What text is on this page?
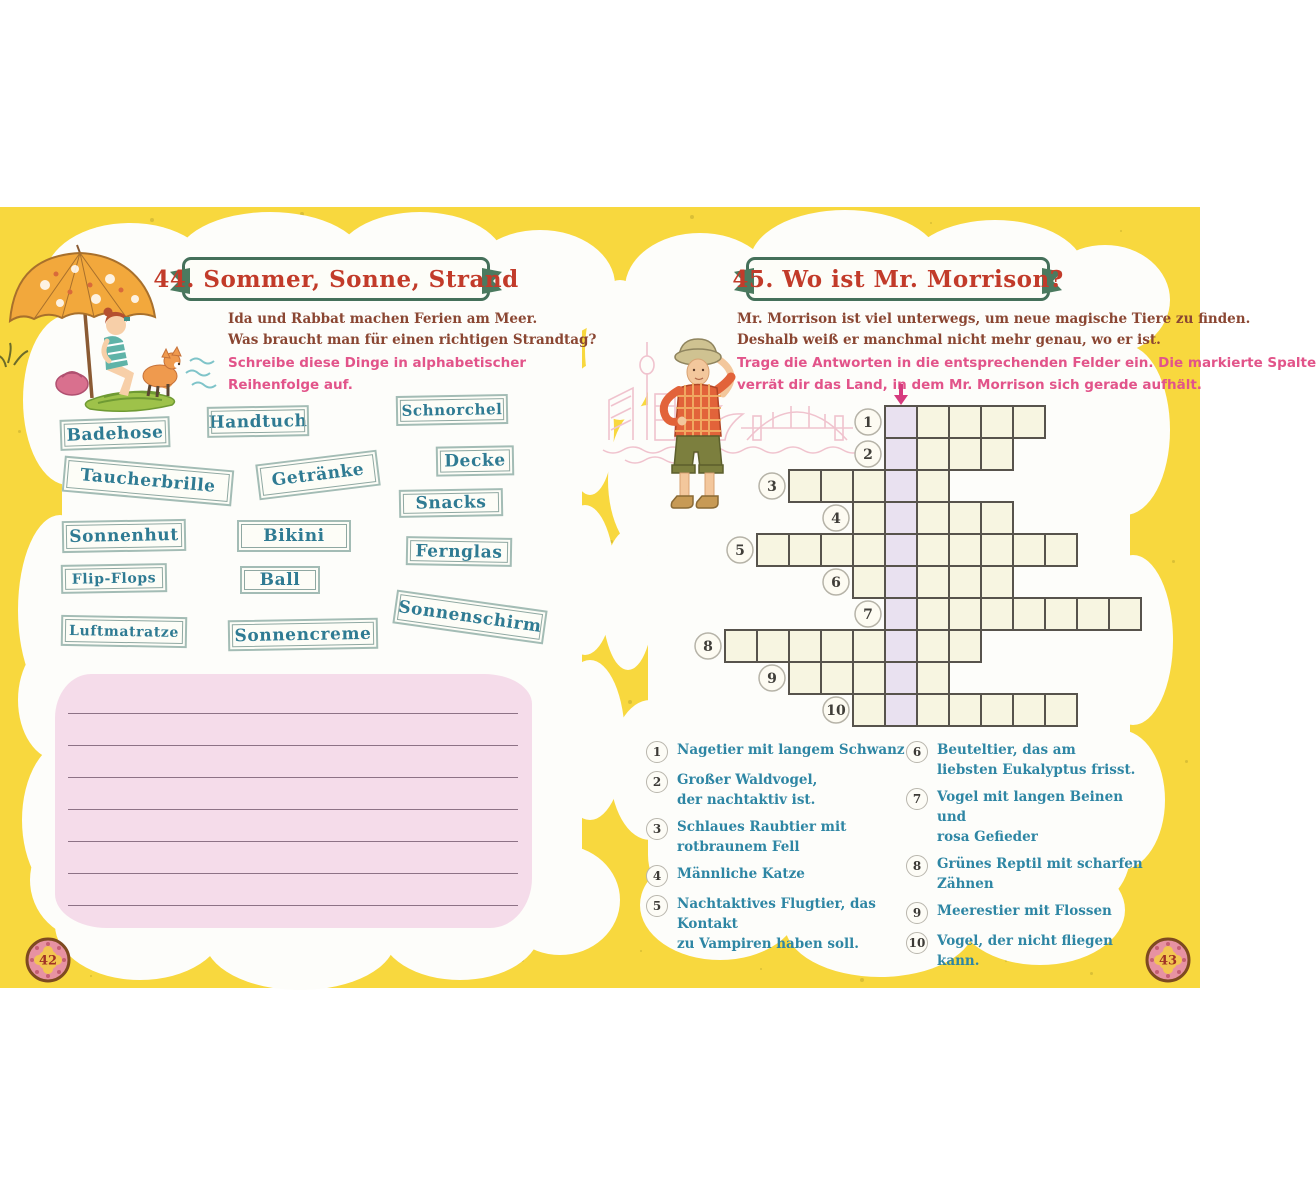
44. Sommer, Sonne, Strand
Ida und Rabbat machen Ferien am Meer.
Was braucht man für einen richtigen Strandtag?
Schreibe diese Dinge in alphabetischer
Reihenfolge auf.
Badehose
Handtuch
Schnorchel
Taucherbrille	Getränke	Decke
Snacks
Sonnenhut	Bikini
Fernglas
Flip-Flops	Ball
Sonnenschirm
Luftmatratze	Sonnencreme
45. Wo ist Mr. Morrison?
Mr. Morrison ist viel unterwegs, um neue magische Tiere zu finden.
Deshalb weiß er manchmal nicht mehr genau, wo er ist.
Trage die Antworten in die entsprechenden Felder ein. Die markierte Spalte
verrät dir das Land, in dem Mr. Morrison sich gerade aufhält.
1
2
3
4
5
6
7
8
9
10
1	Nagetier mit langem Schwanz
2	Großer Waldvogel,
der nachtaktiv ist.
3	Schlaues Raubtier mit
rotbraunem Fell
4	Männliche Katze
5	Nachtaktives Flugtier, das Kontakt
zu Vampiren haben soll.
6	Beuteltier, das am
liebsten Eukalyptus frisst.
7	Vogel mit langen Beinen und
rosa Gefieder
8	Grünes Reptil mit scharfen Zähnen
9	Meerestier mit Flossen
10 Vogel, der nicht fliegen kann.
42	43
